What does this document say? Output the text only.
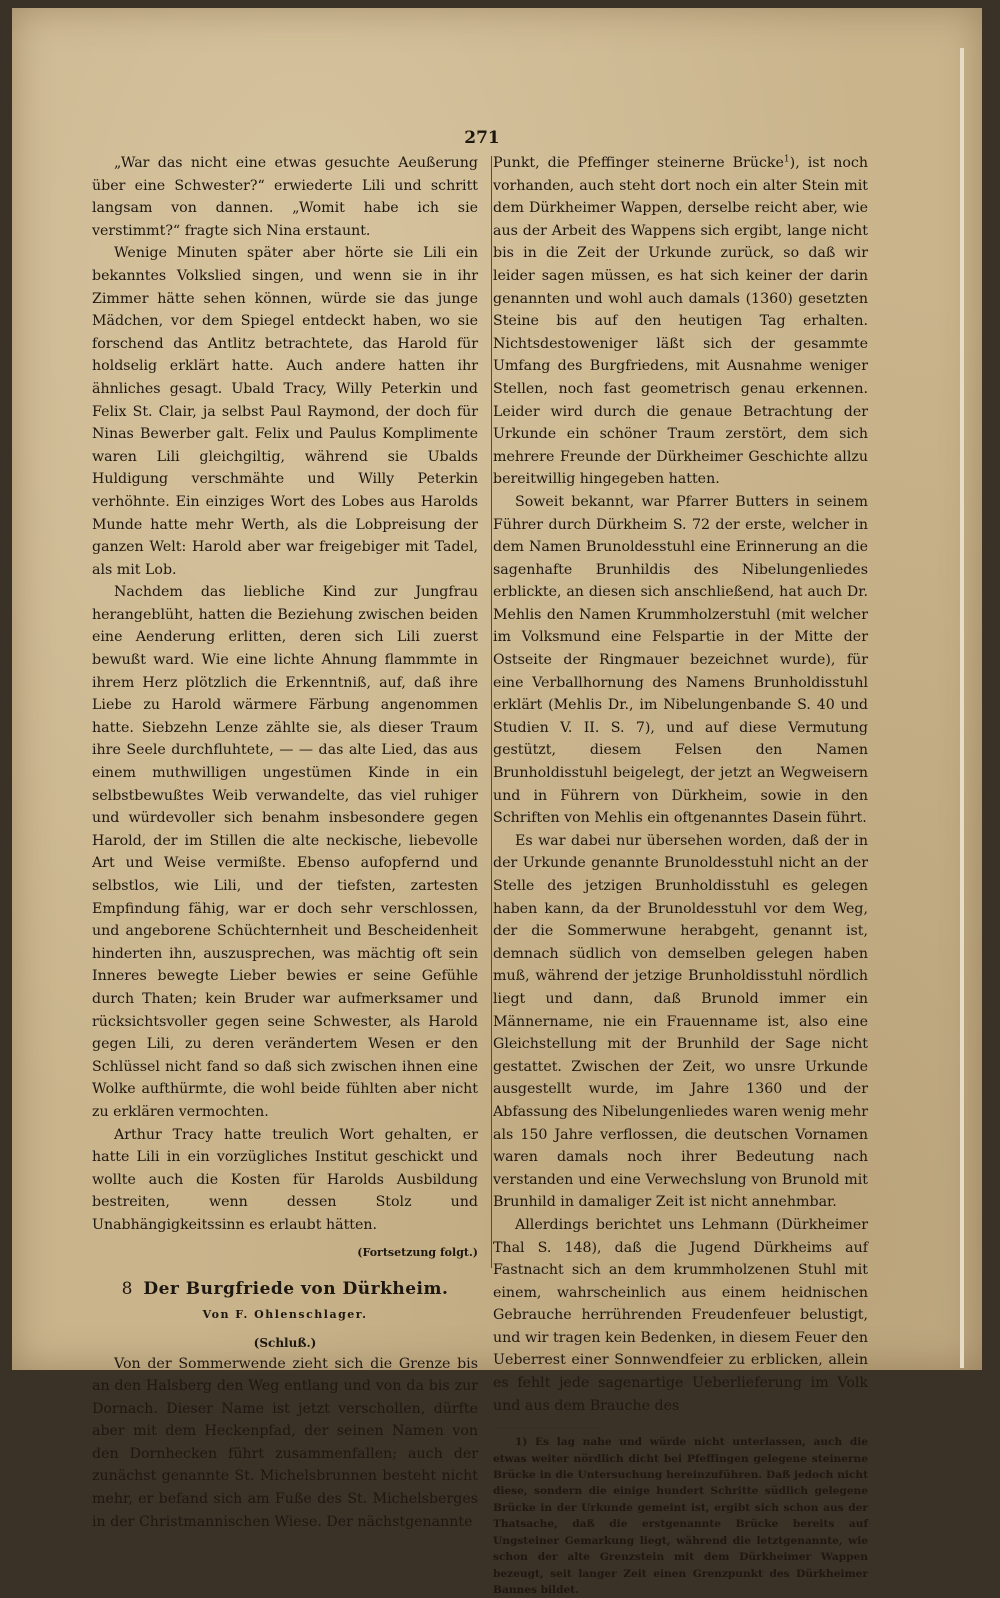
271

„War das nicht eine etwas gesuchte Aeußerung über eine Schwester?“ erwiederte Lili und schritt langsam von dannen. „Womit habe ich sie verstimmt?“ fragte sich Nina erstaunt.

Wenige Minuten später aber hörte sie Lili ein bekanntes Volkslied singen, und wenn sie in ihr Zimmer hätte sehen können, würde sie das junge Mädchen, vor dem Spiegel entdeckt haben, wo sie forschend das Antlitz betrachtete, das Harold für holdselig erklärt hatte. Auch andere hatten ihr ähnliches gesagt. Ubald Tracy, Willy Peterkin und Felix St. Clair, ja selbst Paul Raymond, der doch für Ninas Bewerber galt. Felix und Paulus Komplimente waren Lili gleichgiltig, während sie Ubalds Huldigung verschmähte und Willy Peterkin verhöhnte. Ein einziges Wort des Lobes aus Harolds Munde hatte mehr Werth, als die Lobpreisung der ganzen Welt: Harold aber war freigebiger mit Tadel, als mit Lob.

Nachdem das liebliche Kind zur Jungfrau herangeblüht, hatten die Beziehung zwischen beiden eine Aenderung erlitten, deren sich Lili zuerst bewußt ward. Wie eine lichte Ahnung flammmte in ihrem Herz plötzlich die Erkenntniß, auf, daß ihre Liebe zu Harold wärmere Färbung angenommen hatte. Siebzehn Lenze zählte sie, als dieser Traum ihre Seele durchfluhtete, — — das alte Lied, das aus einem muthwilligen ungestümen Kinde in ein selbstbewußtes Weib verwandelte, das viel ruhiger und würdevoller sich benahm insbesondere gegen Harold, der im Stillen die alte neckische, liebevolle Art und Weise vermißte. Ebenso aufopfernd und selbstlos, wie Lili, und der tiefsten, zartesten Empfindung fähig, war er doch sehr verschlossen, und angeborene Schüchternheit und Bescheidenheit hinderten ihn, auszusprechen, was mächtig oft sein Inneres bewegte Lieber bewies er seine Gefühle durch Thaten; kein Bruder war aufmerksamer und rücksichtsvoller gegen seine Schwester, als Harold gegen Lili, zu deren verändertem Wesen er den Schlüssel nicht fand so daß sich zwischen ihnen eine Wolke aufthürmte, die wohl beide fühlten aber nicht zu erklären vermochten.

Arthur Tracy hatte treulich Wort gehalten, er hatte Lili in ein vorzügliches Institut geschickt und wollte auch die Kosten für Harolds Ausbildung bestreiten, wenn dessen Stolz und Unabhängigkeitssinn es erlaubt hätten.

(Fortsetzung folgt.)
8 Der Burgfriede von Dürkheim.
Von F. Ohlenschlager.
(Schluß.)

Von der Sommerwende zieht sich die Grenze bis an den Halsberg den Weg entlang und von da bis zur Dornach. Dieser Name ist jetzt verschollen, dürfte aber mit dem Heckenpfad, der seinen Namen von den Dornhecken führt zusammenfallen; auch der zunächst genannte St. Michelsbrunnen besteht nicht mehr, er befand sich am Fuße des St. Michelsberges in der Christmannischen Wiese. Der nächstgenannte

Punkt, die Pfeffinger steinerne Brücke$^1$), ist noch vorhanden, auch steht dort noch ein alter Stein mit dem Dürkheimer Wappen, derselbe reicht aber, wie aus der Arbeit des Wappens sich ergibt, lange nicht bis in die Zeit der Urkunde zurück, so daß wir leider sagen müssen, es hat sich keiner der darin genannten und wohl auch damals (1360) gesetzten Steine bis auf den heutigen Tag erhalten. Nichtsdestoweniger läßt sich der gesammte Umfang des Burgfriedens, mit Ausnahme weniger Stellen, noch fast geometrisch genau erkennen. Leider wird durch die genaue Betrachtung der Urkunde ein schöner Traum zerstört, dem sich mehrere Freunde der Dürkheimer Geschichte allzu bereitwillig hingegeben hatten.

Soweit bekannt, war Pfarrer Butters in seinem Führer durch Dürkheim S. 72 der erste, welcher in dem Namen Brunoldesstuhl eine Erinnerung an die sagenhafte Brunhildis des Nibelungenliedes erblickte, an diesen sich anschließend, hat auch Dr. Mehlis den Namen Krummholzerstuhl (mit welcher im Volksmund eine Felspartie in der Mitte der Ostseite der Ringmauer bezeichnet wurde), für eine Verballhornung des Namens Brunholdisstuhl erklärt (Mehlis Dr., im Nibelungenbande S. 40 und Studien V. II. S. 7), und auf diese Vermutung gestützt, diesem Felsen den Namen Brunholdisstuhl beigelegt, der jetzt an Wegweisern und in Führern von Dürkheim, sowie in den Schriften von Mehlis ein oftgenanntes Dasein führt.

Es war dabei nur übersehen worden, daß der in der Urkunde genannte Brunoldesstuhl nicht an der Stelle des jetzigen Brunholdisstuhl es gelegen haben kann, da der Brunoldesstuhl vor dem Weg, der die Sommerwune herabgeht, genannt ist, demnach südlich von demselben gelegen haben muß, während der jetzige Brunholdisstuhl nördlich liegt und dann, daß Brunold immer ein Männername, nie ein Frauenname ist, also eine Gleichstellung mit der Brunhild der Sage nicht gestattet. Zwischen der Zeit, wo unsre Urkunde ausgestellt wurde, im Jahre 1360 und der Abfassung des Nibelungenliedes waren wenig mehr als 150 Jahre verflossen, die deutschen Vornamen waren damals noch ihrer Bedeutung nach verstanden und eine Verwechslung von Brunold mit Brunhild in damaliger Zeit ist nicht annehmbar.

Allerdings berichtet uns Lehmann (Dürkheimer Thal S. 148), daß die Jugend Dürkheims auf Fastnacht sich an dem krummholzenen Stuhl mit einem, wahrscheinlich aus einem heidnischen Gebrauche herrührenden Freudenfeuer belustigt, und wir tragen kein Bedenken, in diesem Feuer den Ueberrest einer Sonnwendfeier zu erblicken, allein es fehlt jede sagenartige Ueberlieferung im Volk und aus dem Brauche des

1) Es lag nahe und würde nicht unterlassen, auch die etwas weiter nördlich dicht bei Pfeffingen gelegene steinerne Brücke in die Untersuchung hereinzuführen. Daß jedoch nicht diese, sondern die einige hundert Schritte südlich gelegene Brücke in der Urkunde gemeint ist, ergibt sich schon aus der Thatsache, daß die erstgenannte Brücke bereits auf Ungsteiner Gemarkung liegt, während die letztgenannte, wie schon der alte Grenzstein mit dem Dürkheimer Wappen bezeugt, seit langer Zeit einen Grenzpunkt des Dürkheimer Bannes bildet.
